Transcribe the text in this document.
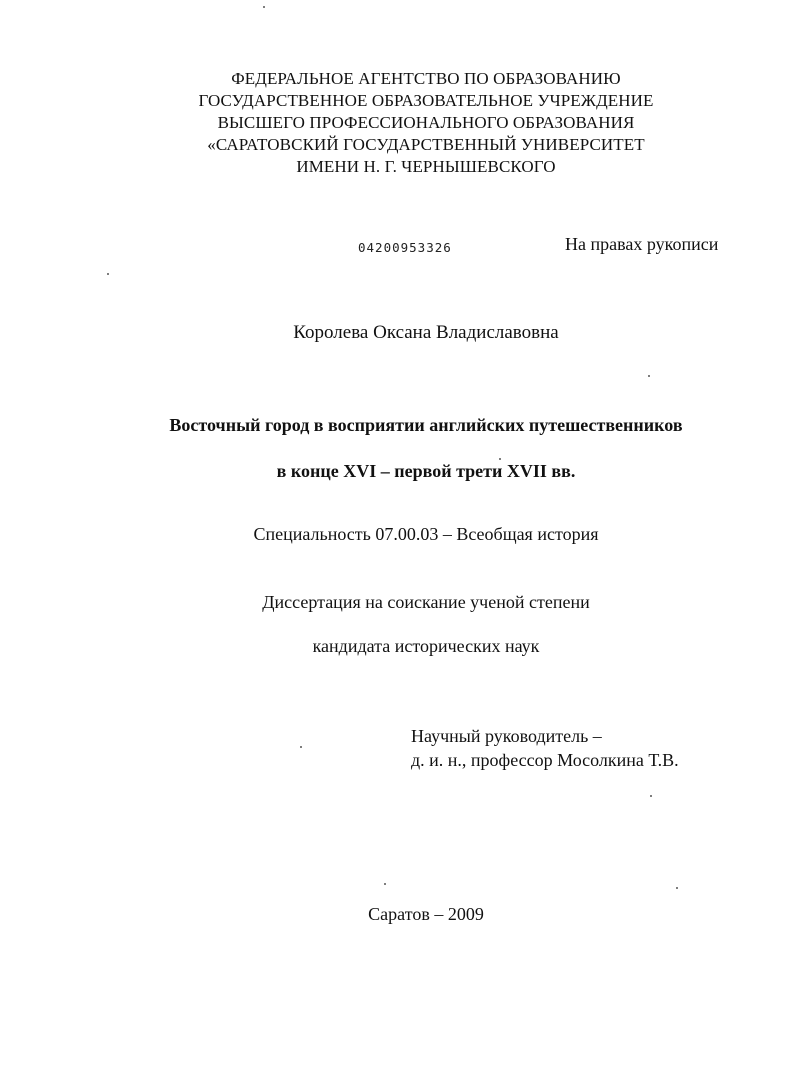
ФЕДЕРАЛЬНОЕ АГЕНТСТВО ПО ОБРАЗОВАНИЮ
ГОСУДАРСТВЕННОЕ ОБРАЗОВАТЕЛЬНОЕ УЧРЕЖДЕНИЕ
ВЫСШЕГО ПРОФЕССИОНАЛЬНОГО ОБРАЗОВАНИЯ
«САРАТОВСКИЙ ГОСУДАРСТВЕННЫЙ УНИВЕРСИТЕТ
ИМЕНИ Н. Г. ЧЕРНЫШЕВСКОГО
04200953326	На правах рукописи
Королева Оксана Владиславовна
Восточный город в восприятии английских путешественников
в конце XVI – первой трети XVII вв.
Специальность 07.00.03 – Всеобщая история
Диссертация на соискание ученой степени
кандидата исторических наук
Научный руководитель –
д. и. н., профессор Мосолкина Т.В.
Саратов – 2009
